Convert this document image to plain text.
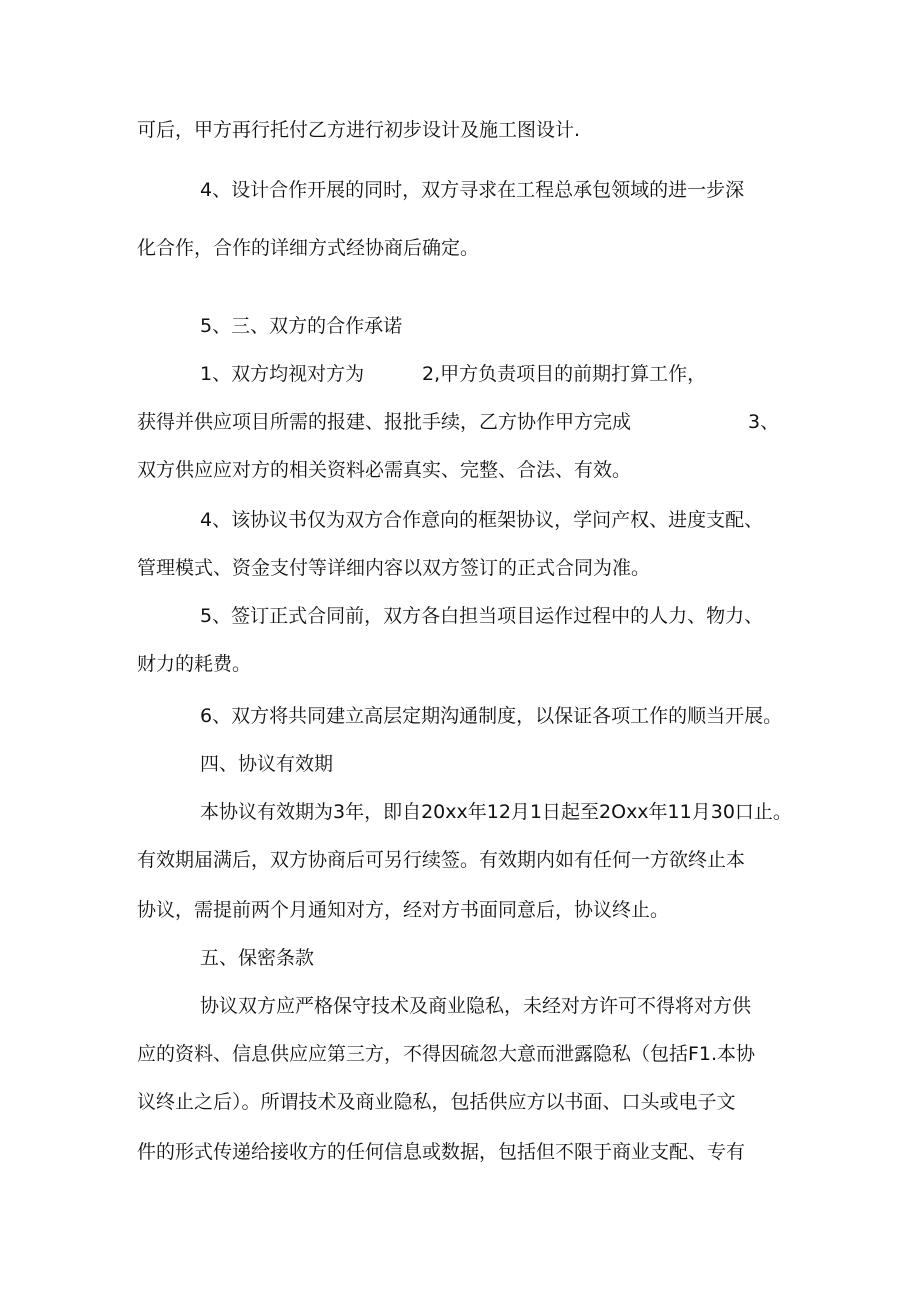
可后，甲方再行托付乙方进行初步设计及施工图设计.
4、设计合作开展的同时，双方寻求在工程总承包领域的进一步深
化合作，合作的详细方式经协商后确定。
5、三、双方的合作承诺
1、双方均视对方为	2,甲方负责项目的前期打算工作，
获得并供应项目所需的报建、报批手续，乙方协作甲方完成	3、
双方供应应对方的相关资料必需真实、完整、合法、有效。
4、该协议书仅为双方合作意向的框架协议，学问产权、进度支配、
管理模式、资金支付等详细内容以双方签订的正式合同为准。
5、签订正式合同前，双方各白担当项目运作过程中的人力、物力、
财力的耗费。
6、双方将共同建立高层定期沟通制度，以保证各项工作的顺当开展。
四、协议有效期
本协议有效期为3年，即自20xx年12月1日起至2Oxx年11月30口止。
有效期届满后，双方协商后可另行续签。有效期内如有任何一方欲终止本
协议，需提前两个月通知对方，经对方书面同意后，协议终止。
五、保密条款
协议双方应严格保守技术及商业隐私，未经对方许可不得将对方供
应的资料、信息供应应第三方，不得因硫忽大意而泄露隐私（包括F1.本协
议终止之后）。所谓技术及商业隐私，包括供应方以书面、口头或电子文
件的形式传递给接收方的任何信息或数据，包括但不限于商业支配、专有
